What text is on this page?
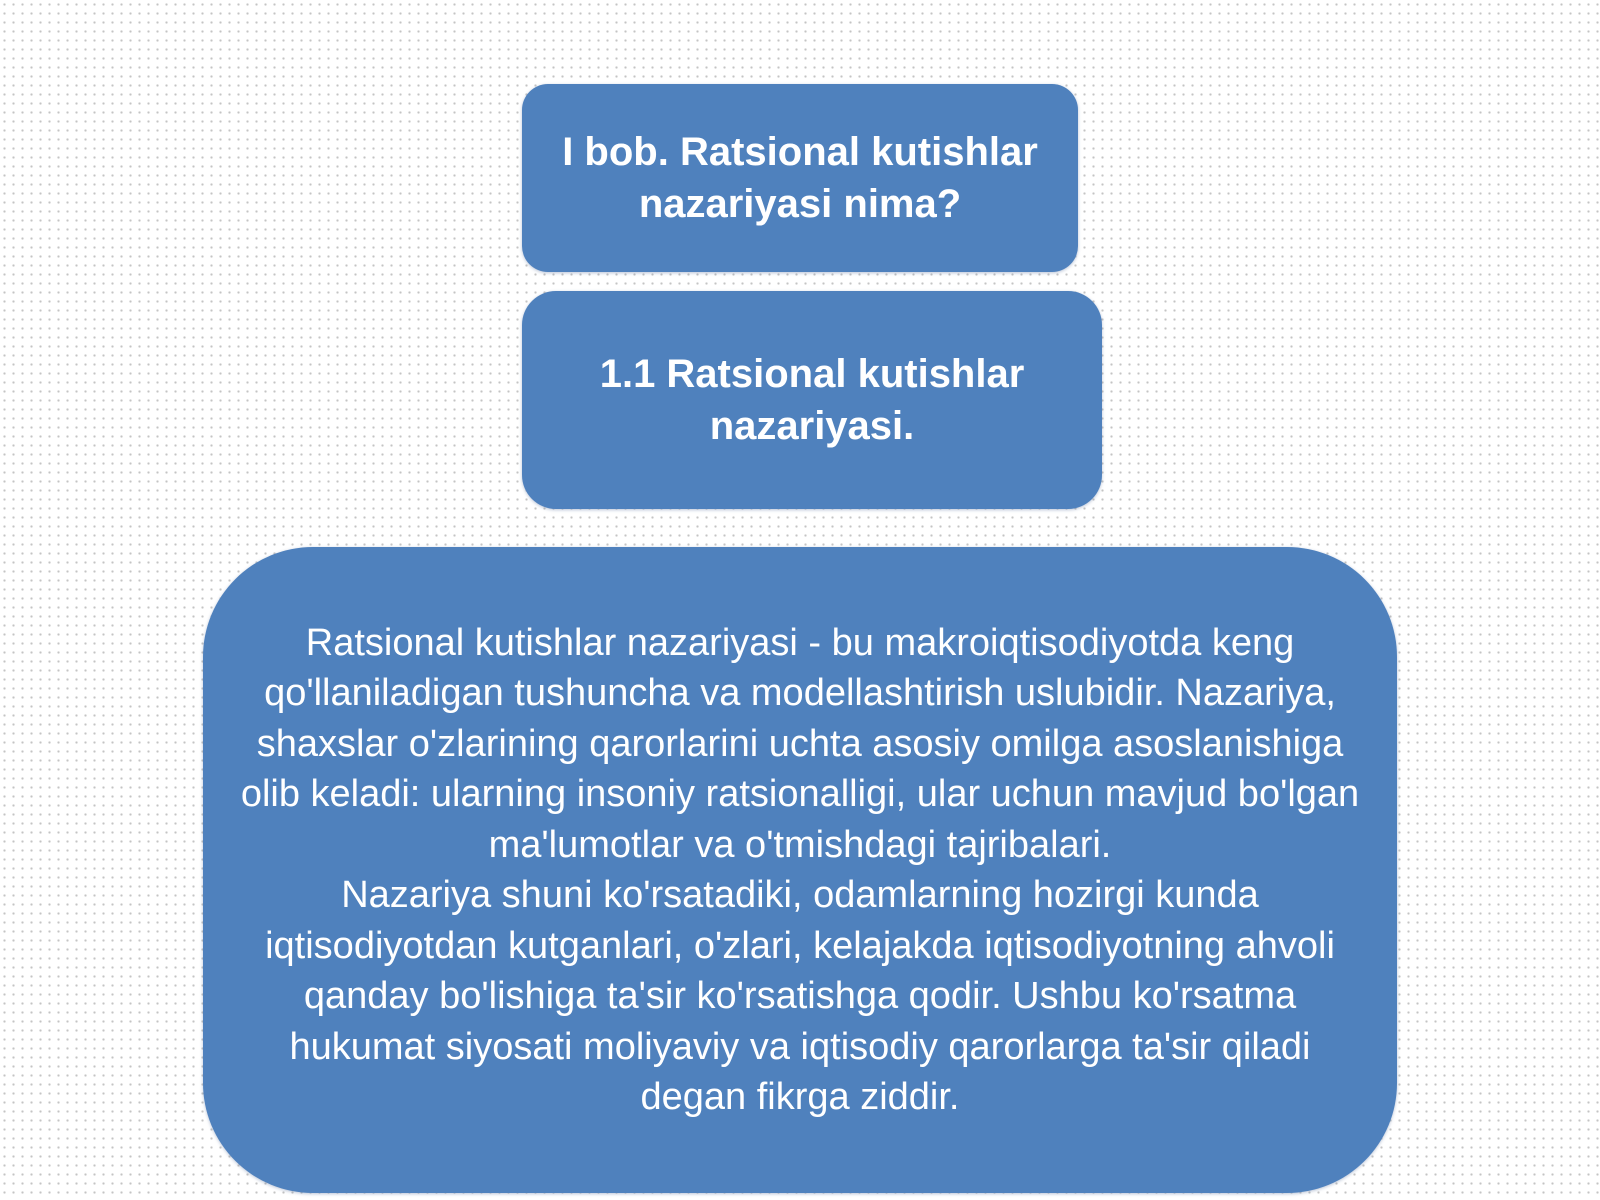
I bob. Ratsional kutishlar
nazariyasi nima?
1.1 Ratsional kutishlar
nazariyasi.

Ratsional kutishlar nazariyasi - bu makroiqtisodiyotda keng qo'llaniladigan tushuncha va modellashtirish uslubidir. Nazariya, shaxslar o'zlarining qarorlarini uchta asosiy omilga asoslanishiga olib keladi: ularning insoniy ratsionalligi, ular uchun mavjud bo'lgan ma'lumotlar va o'tmishdagi tajribalari.

Nazariya shuni ko'rsatadiki, odamlarning hozirgi kunda iqtisodiyotdan kutganlari, o'zlari, kelajakda iqtisodiyotning ahvoli qanday bo'lishiga ta'sir ko'rsatishga qodir. Ushbu ko'rsatma hukumat siyosati moliyaviy va iqtisodiy qarorlarga ta'sir qiladi degan fikrga ziddir.
